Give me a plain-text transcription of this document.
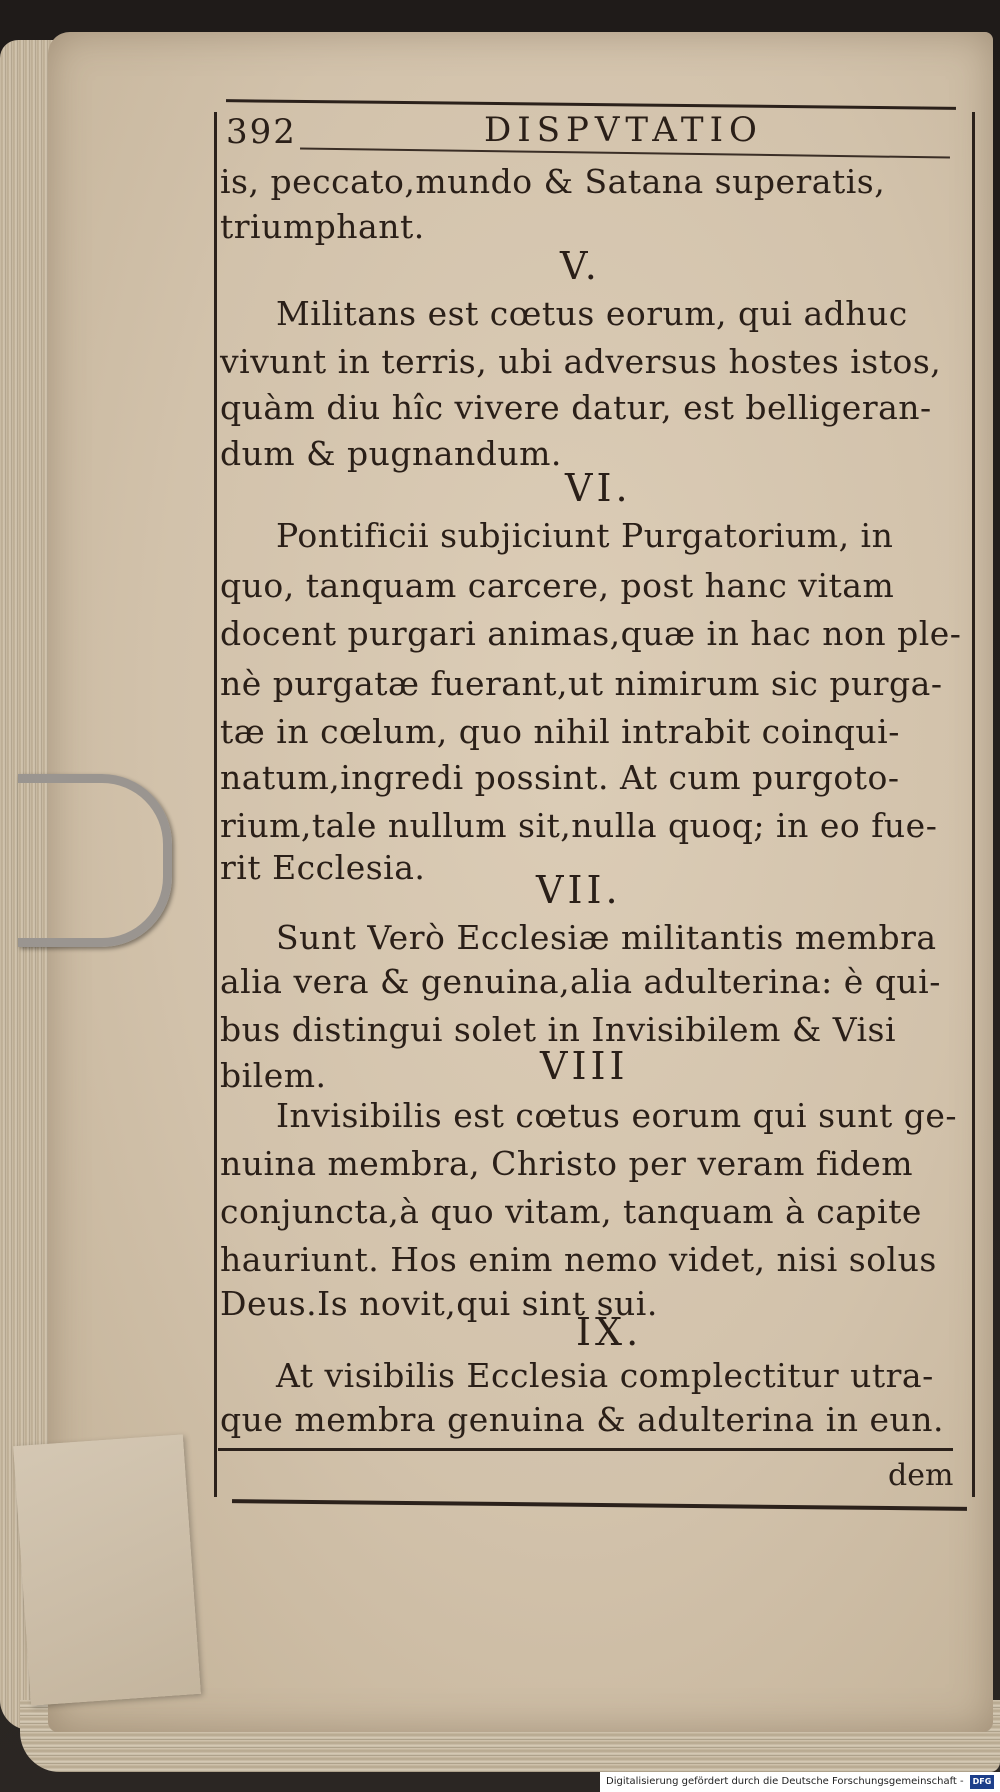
392	DISPVTATIO
is, peccato,mundo & Satana superatis,
triumphant.
V.
Militans est cœtus eorum, qui adhuc
vivunt in terris, ubi adversus hostes istos,
quàm diu hîc vivere datur, est belligeran-
dum & pugnandum.
VI.
Pontificii subjiciunt Purgatorium, in
quo, tanquam carcere, post hanc vitam
docent purgari animas,quæ in hac non ple-
nè purgatæ fuerant,ut nimirum sic purga-
tæ in cœlum, quo nihil intrabit coinqui-
natum,ingredi possint. At cum purgoto-
rium,tale nullum sit,nulla quoq; in eo fue-
rit Ecclesia.
VII.
Sunt Verò Ecclesiæ militantis membra
alia vera & genuina,alia adulterina: è qui-
bus distingui solet in Invisibilem & Visi
bilem.	VIII
Invisibilis est cœtus eorum qui sunt ge-
nuina membra, Christo per veram fidem
conjuncta,à quo vitam, tanquam à capite
hauriunt. Hos enim nemo videt, nisi solus
Deus.Is novit,qui sint sui.
IX.
At visibilis Ecclesia complectitur utra-
que membra genuina & adulterina in eun.
dem
Digitalisierung gefördert durch die Deutsche Forschungsgemeinschaft -	DFG
